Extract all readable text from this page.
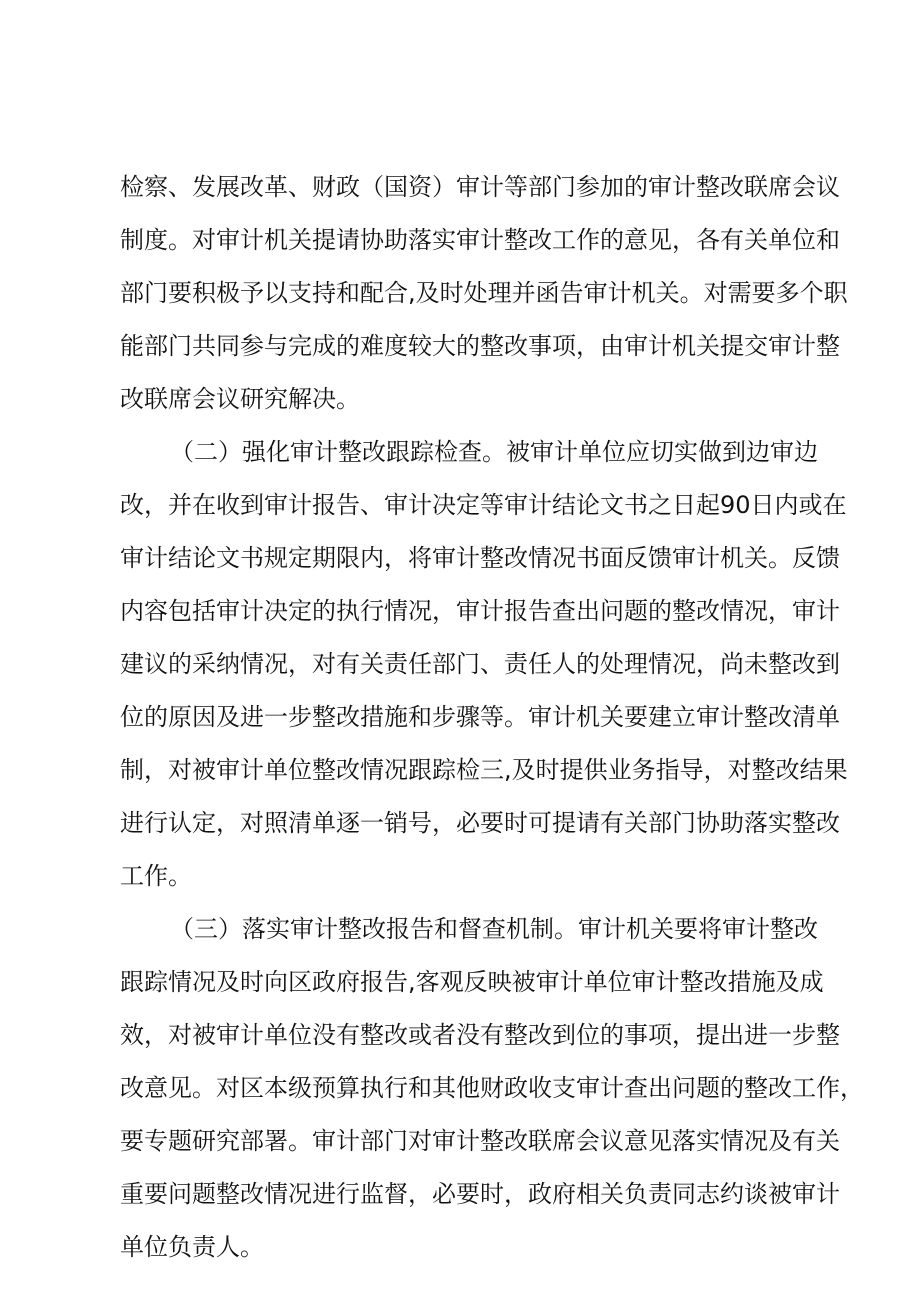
检察、发展改革、财政（国资）审计等部门参加的审计整改联席会议
制度。对审计机关提请协助落实审计整改工作的意见，各有关单位和
部门要积极予以支持和配合,及时处理并函告审计机关。对需要多个职
能部门共同参与完成的难度较大的整改事项，由审计机关提交审计整
改联席会议研究解决。
（二）强化审计整改跟踪检查。被审计单位应切实做到边审边
改，并在收到审计报告、审计决定等审计结论文书之日起90日内或在
审计结论文书规定期限内，将审计整改情况书面反馈审计机关。反馈
内容包括审计决定的执行情况，审计报告查出问题的整改情况，审计
建议的采纳情况，对有关责任部门、责任人的处理情况，尚未整改到
位的原因及进一步整改措施和步骤等。审计机关要建立审计整改清单
制，对被审计单位整改情况跟踪检三,及时提供业务指导，对整改结果
进行认定，对照清单逐一销号，必要时可提请有关部门协助落实整改
工作。
（三）落实审计整改报告和督查机制。审计机关要将审计整改
跟踪情况及时向区政府报告,客观反映被审计单位审计整改措施及成
效，对被审计单位没有整改或者没有整改到位的事项，提出进一步整
改意见。对区本级预算执行和其他财政收支审计查出问题的整改工作，
要专题研究部署。审计部门对审计整改联席会议意见落实情况及有关
重要问题整改情况进行监督，必要时，政府相关负责同志约谈被审计
单位负责人。
